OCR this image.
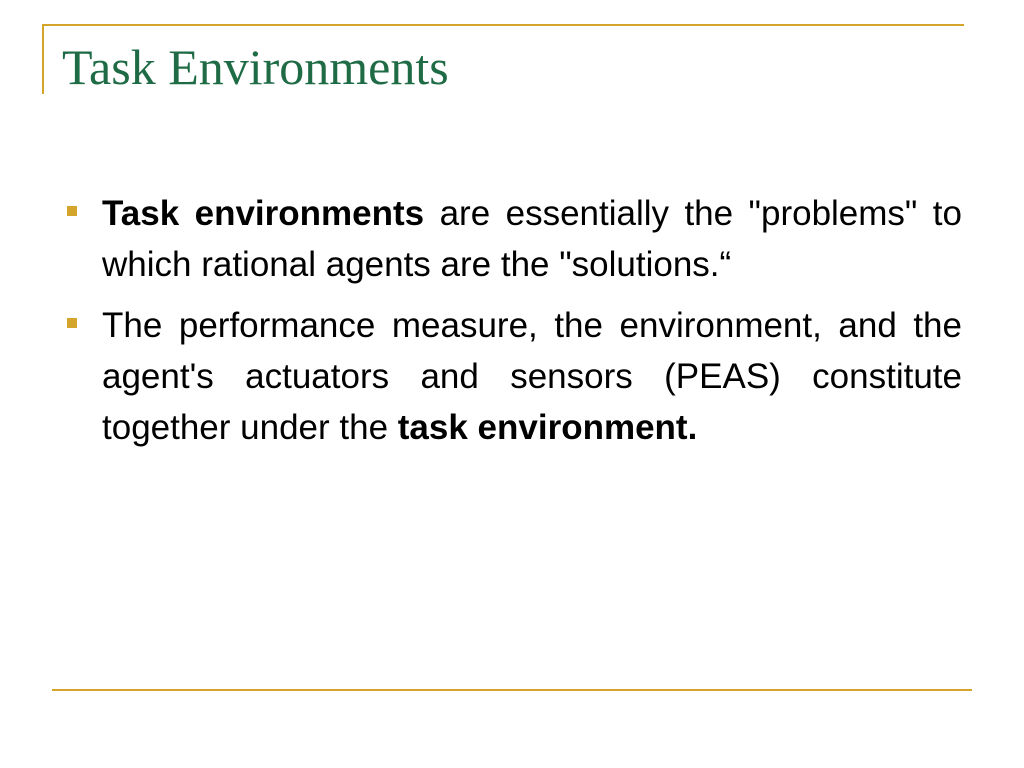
Task Environments
Task environments are essentially the "problems" to which rational agents are the "solutions.“
The performance measure, the environment, and the agent's actuators and sensors (PEAS) constitute together under the task environment.
